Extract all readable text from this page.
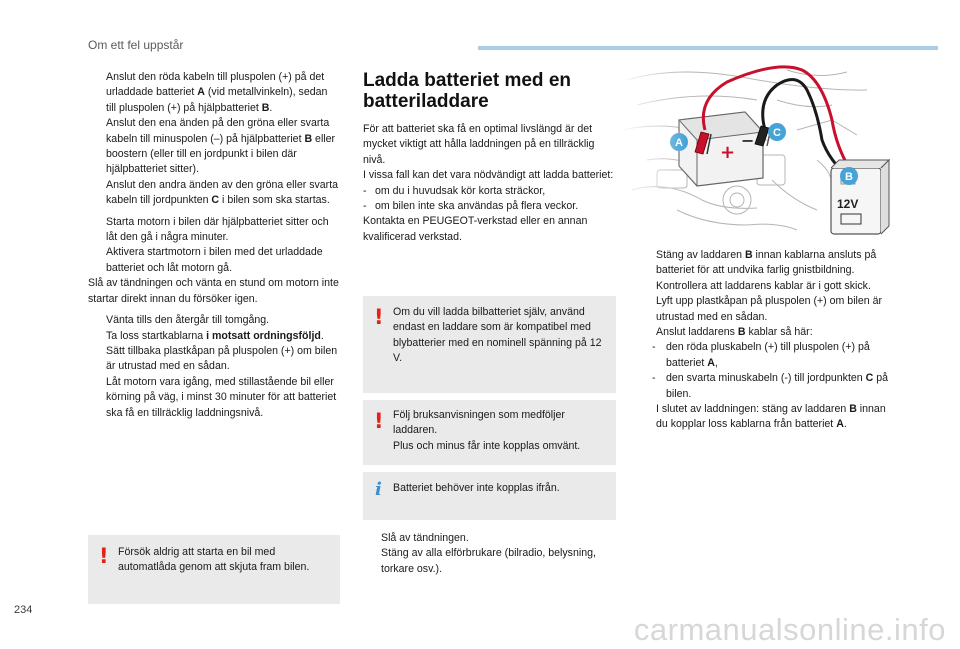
Om ett fel uppstår

Anslut den röda kabeln till pluspolen (+) på det urladdade batteriet A (vid metallvinkeln), sedan till pluspolen (+) på hjälpbatteriet B.

Anslut den ena änden på den gröna eller svarta kabeln till minuspolen (–) på hjälpbatteriet B eller boostern (eller till en jordpunkt i bilen där hjälpbatteriet sitter).

Anslut den andra änden av den gröna eller svarta kabeln till jordpunkten C i bilen som ska startas.

Starta motorn i bilen där hjälpbatteriet sitter och låt den gå i några minuter.

Aktivera startmotorn i bilen med det urladdade batteriet och låt motorn gå.

Slå av tändningen och vänta en stund om motorn inte startar direkt innan du försöker igen.

Vänta tills den återgår till tomgång.

Ta loss startkablarna i motsatt ordningsföljd.

Sätt tillbaka plastkåpan på pluspolen (+) om bilen är utrustad med en sådan.

Låt motorn vara igång, med stillastående bil eller körning på väg, i minst 30 minuter för att batteriet ska få en tillräcklig laddningsnivå.

! Försök aldrig att starta en bil med automatlåda genom att skjuta fram bilen.
Ladda batteriet med en batteriladdare

För att batteriet ska få en optimal livslängd är det mycket viktigt att hålla laddningen på en tillräcklig nivå.

I vissa fall kan det vara nödvändigt att ladda batteriet:

- om du i huvudsak kör korta sträckor,

- om bilen inte ska användas på flera veckor.

Kontakta en PEUGEOT-verkstad eller en annan kvalificerad verkstad.

! Om du vill ladda bilbatteriet själv, använd endast en laddare som är kompatibel med blybatterier med en nominell spänning på 12 V.
! Följ bruksanvisningen som medföljer laddaren.
Plus och minus får inte kopplas omvänt.
i Batteriet behöver inte kopplas ifrån.

Slå av tändningen.

Stäng av alla elförbrukare (bilradio, belysning, torkare osv.).

Stäng av laddaren B innan kablarna ansluts på batteriet för att undvika farlig gnistbildning.

Kontrollera att laddarens kablar är i gott skick.

Lyft upp plastkåpan på pluspolen (+) om bilen är utrustad med en sådan.

Anslut laddarens B kablar så här:

- den röda pluskabeln (+) till pluspolen (+) på batteriet A,

- den svarta minuskabeln (-) till jordpunkten C på bilen.

I slutet av laddningen: stäng av laddaren B innan du kopplar loss kablarna från batteriet A.

234
carmanualsonline.info
